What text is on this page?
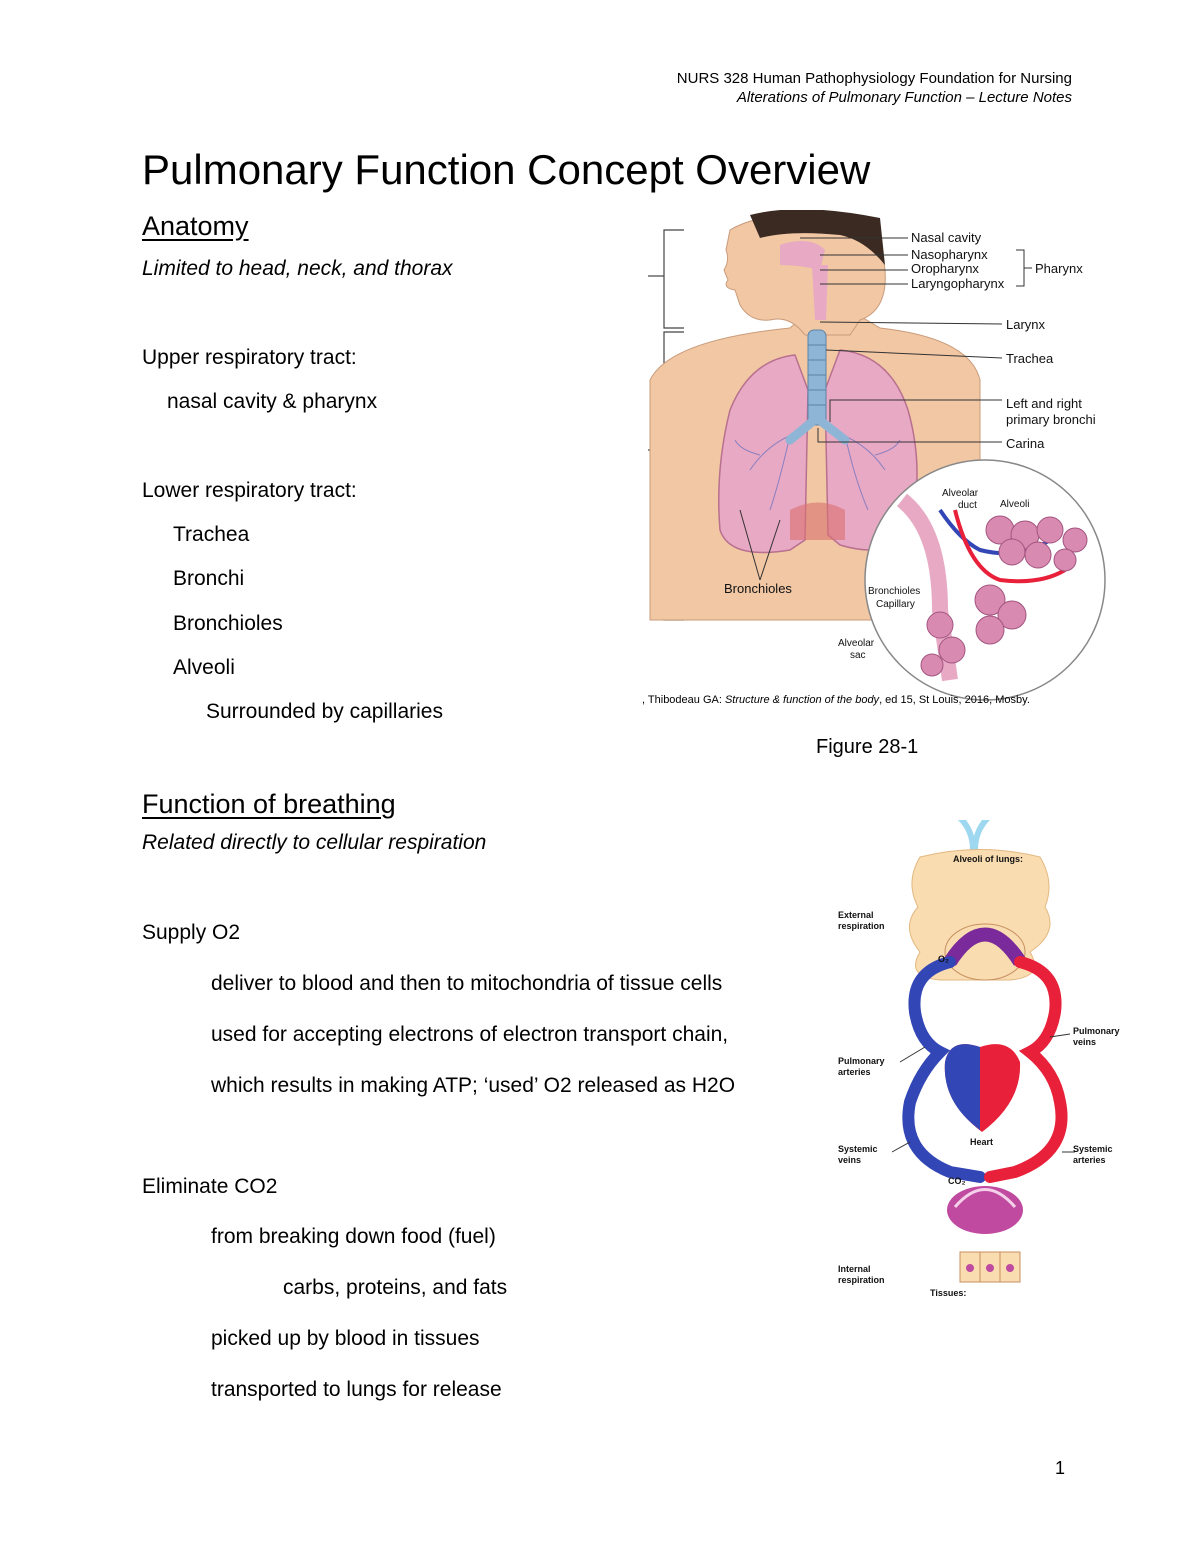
NURS 328 Human Pathophysiology Foundation for Nursing
Alterations of Pulmonary Function – Lecture Notes
Pulmonary Function Concept Overview
Anatomy
Limited to head, neck, and thorax
Upper respiratory tract:
nasal cavity & pharynx
Lower respiratory tract:
Trachea
Bronchi
Bronchioles
Alveoli
Surrounded by capillaries
Nasal cavity
Nasopharynx
Oropharynx
Laryngopharynx
Pharynx
Larynx
Trachea
Left and right
primary bronchi
Carina
Bronchioles
Alveolar
duct Alveoli
Bronchioles
Capillary
Alveolar
sac
, Thibodeau GA: Structure & function of the body, ed 15, St Louis, 2016, Mosby.
Figure 28-1
Function of breathing
Related directly to cellular respiration
Supply O2
deliver to blood and then to mitochondria of tissue cells
used for accepting electrons of electron transport chain,
which results in making ATP; ‘used’ O2 released as H2O
Eliminate CO2
from breaking down food (fuel)
carbs, proteins, and fats
picked up by blood in tissues
transported to lungs for release
Alveoli of lungs:
External
respiration
Pulmonary
veins
Pulmonary
arteries
Heart
Systemic
veins
Systemic
arteries
Internal
respiration
Tissues:
O₂
CO₂
1
